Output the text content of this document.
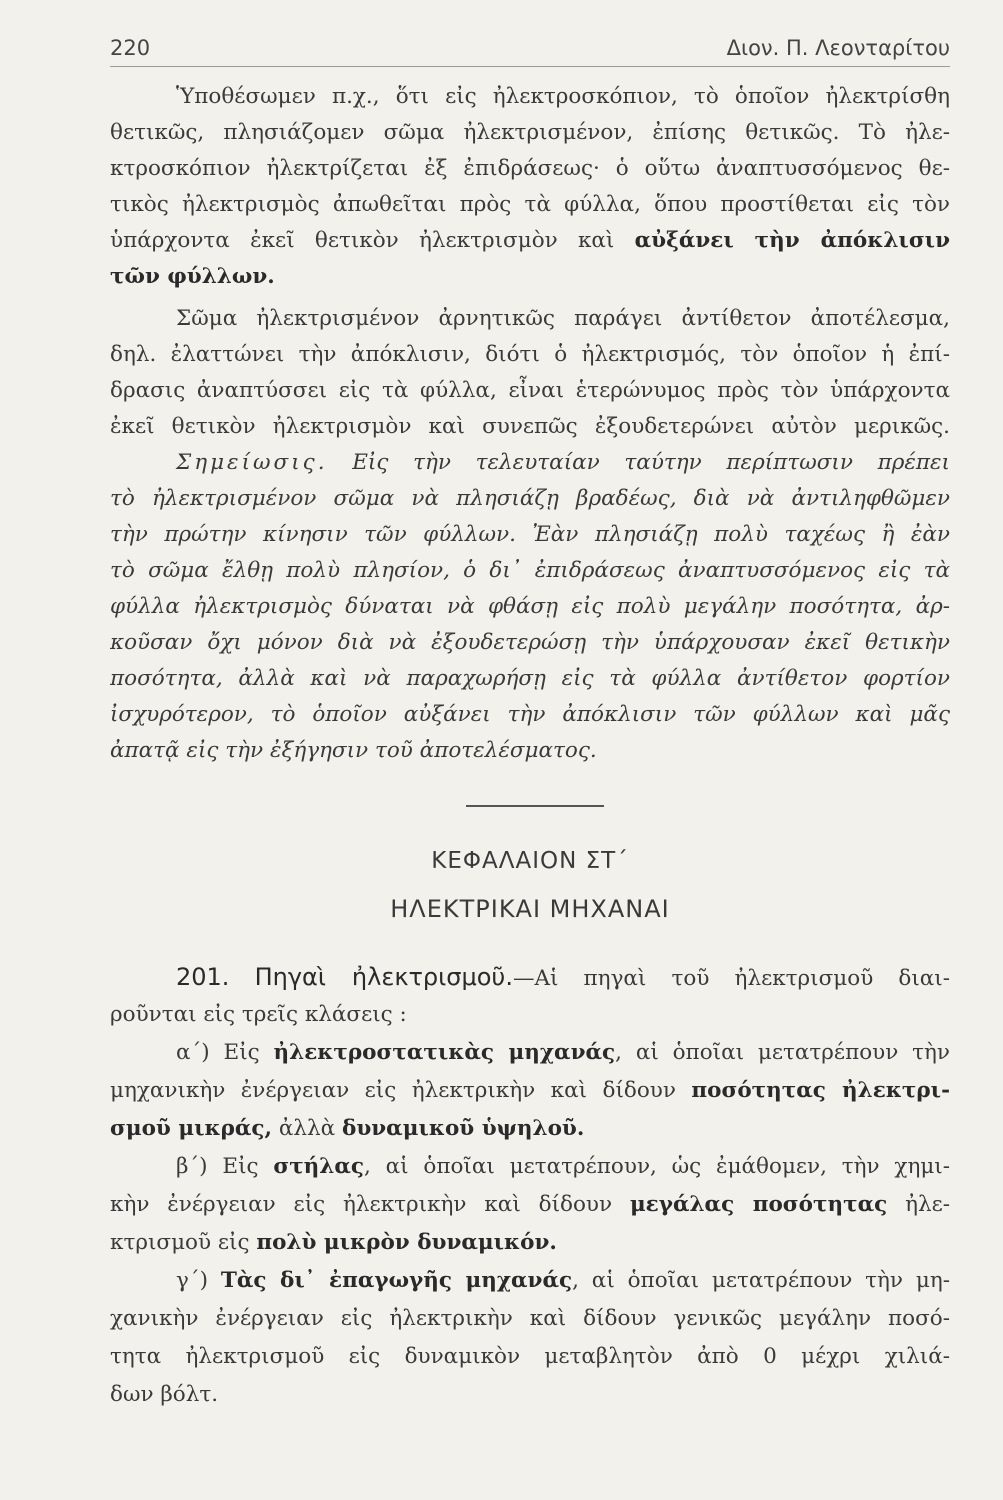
220	Διον. Π. Λεονταρίτου
Ὑποθέσωμεν π.χ., ὅτι εἰς ἠλεκτροσκόπιον, τὸ ὁποῖον ἠλεκτρίσθη
θετικῶς, πλησιάζομεν σῶμα ἠλεκτρισμένον, ἐπίσης θετικῶς. Τὸ ἠλε-
κτροσκόπιον ἠλεκτρίζεται ἐξ ἐπιδράσεως· ὁ οὕτω ἀναπτυσσόμενος θε-
τικὸς ἠλεκτρισμὸς ἀπωθεῖται πρὸς τὰ φύλλα, ὅπου προστίθεται εἰς τὸν
ὑπάρχοντα ἐκεῖ θετικὸν ἠλεκτρισμὸν καὶ αὐξάνει τὴν ἀπόκλισιν
τῶν φύλλων.
Σῶμα ἠλεκτρισμένον ἀρνητικῶς παράγει ἀντίθετον ἀποτέλεσμα,
δηλ. ἐλαττώνει τὴν ἀπόκλισιν, διότι ὁ ἠλεκτρισμός, τὸν ὁποῖον ἡ ἐπί-
δρασις ἀναπτύσσει εἰς τὰ φύλλα, εἶναι ἑτερώνυμος πρὸς τὸν ὑπάρχοντα
ἐκεῖ θετικὸν ἠλεκτρισμὸν καὶ συνεπῶς ἐξουδετερώνει αὐτὸν μερικῶς.
Σημείωσις. Εἰς τὴν τελευταίαν ταύτην περίπτωσιν πρέπει
τὸ ἠλεκτρισμένον σῶμα νὰ πλησιάζῃ βραδέως, διὰ νὰ ἀντιληφθῶμεν
τὴν πρώτην κίνησιν τῶν φύλλων. Ἐὰν πλησιάζῃ πολὺ ταχέως ἢ ἐὰν
τὸ σῶμα ἔλθῃ πολὺ πλησίον, ὁ δι᾽ ἐπιδράσεως ἀναπτυσσόμενος εἰς τὰ
φύλλα ἠλεκτρισμὸς δύναται νὰ φθάσῃ εἰς πολὺ μεγάλην ποσότητα, ἀρ-
κοῦσαν ὄχι μόνον διὰ νὰ ἐξουδετερώσῃ τὴν ὑπάρχουσαν ἐκεῖ θετικὴν
ποσότητα, ἀλλὰ καὶ νὰ παραχωρήσῃ εἰς τὰ φύλλα ἀντίθετον φορτίον
ἰσχυρότερον, τὸ ὁποῖον αὐξάνει τὴν ἀπόκλισιν τῶν φύλλων καὶ μᾶς
ἀπατᾷ εἰς τὴν ἐξήγησιν τοῦ ἀποτελέσματος.
ΚΕΦΑΛΑΙΟΝ ΣΤ΄
ΗΛΕΚΤΡΙΚΑΙ ΜΗΧΑΝΑΙ
201. Πηγαὶ ἠλεκτρισμοῦ.—Αἱ πηγαὶ τοῦ ἠλεκτρισμοῦ διαι-
ροῦνται εἰς τρεῖς κλάσεις :
α΄) Εἰς ἠλεκτροστατικὰς μηχανάς, αἱ ὁποῖαι μετατρέπουν τὴν
μηχανικὴν ἐνέργειαν εἰς ἠλεκτρικὴν καὶ δίδουν ποσότητας ἠλεκτρι-
σμοῦ μικράς, ἀλλὰ δυναμικοῦ ὑψηλοῦ.
β΄) Εἰς στήλας, αἱ ὁποῖαι μετατρέπουν, ὡς ἐμάθομεν, τὴν χημι-
κὴν ἐνέργειαν εἰς ἠλεκτρικὴν καὶ δίδουν μεγάλας ποσότητας ἠλε-
κτρισμοῦ εἰς πολὺ μικρὸν δυναμικόν.
γ΄) Τὰς δι᾽ ἐπαγωγῆς μηχανάς, αἱ ὁποῖαι μετατρέπουν τὴν μη-
χανικὴν ἐνέργειαν εἰς ἠλεκτρικὴν καὶ δίδουν γενικῶς μεγάλην ποσό-
τητα ἠλεκτρισμοῦ εἰς δυναμικὸν μεταβλητὸν ἀπὸ 0 μέχρι χιλιά-
δων βόλτ.
